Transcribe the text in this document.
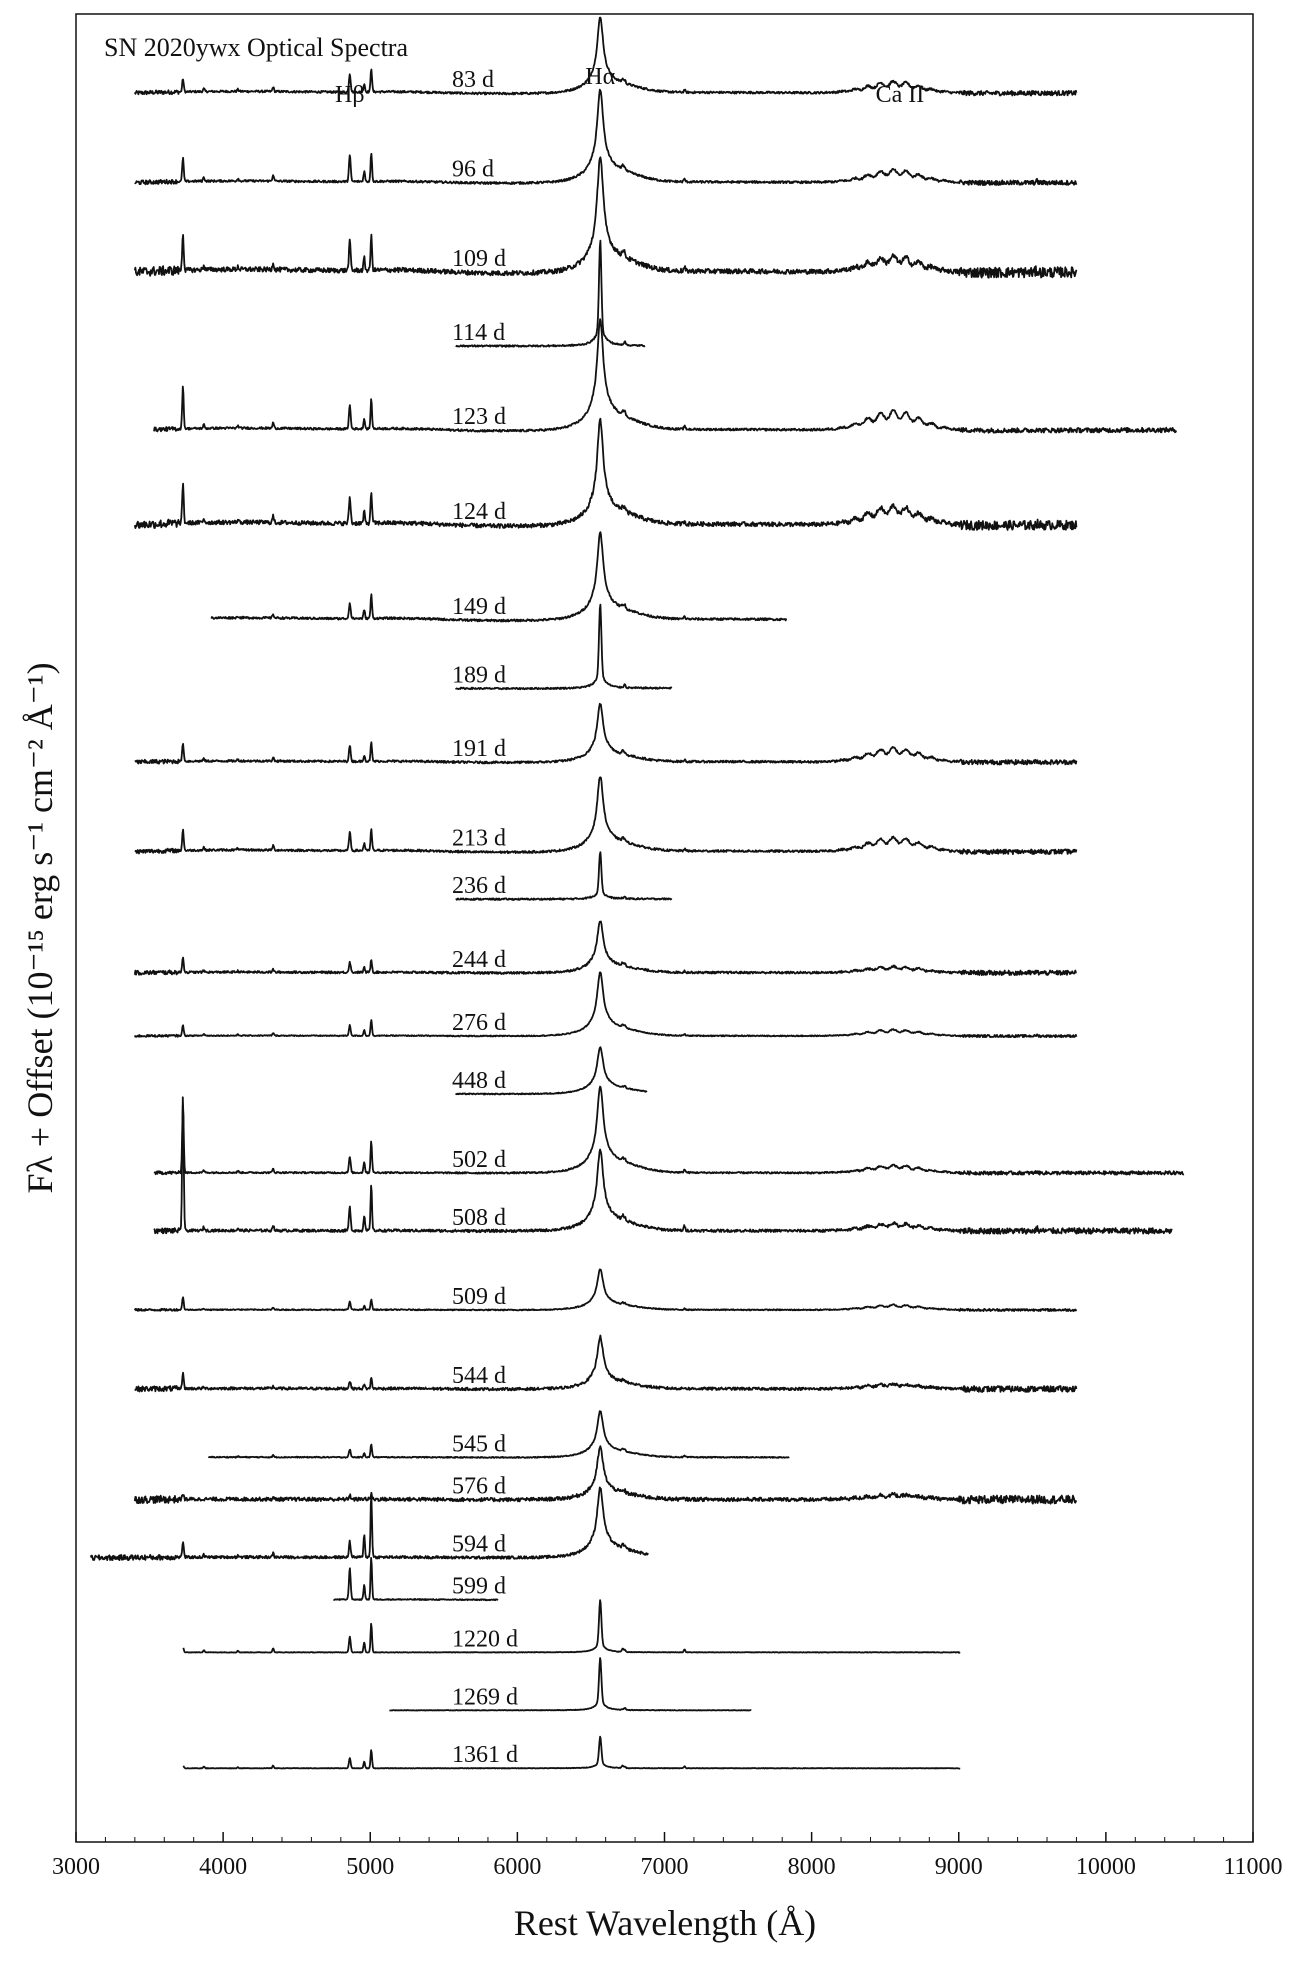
3000	4000	5000	6000	7000	8000	9000	10000	11000
83 d
96 d
109 d
114 d
123 d
124 d
149 d
189 d
191 d
213 d
236 d
244 d
276 d
448 d
502 d
508 d
509 d
544 d
545 d
576 d
594 d
599 d
1220 d
1269 d
1361 d
Hβ
Hα
Ca II
SN 2020ywx Optical Spectra
Rest Wavelength (Å)
Fλ + Offset (10⁻¹⁵ erg s⁻¹ cm⁻² Å⁻¹)
